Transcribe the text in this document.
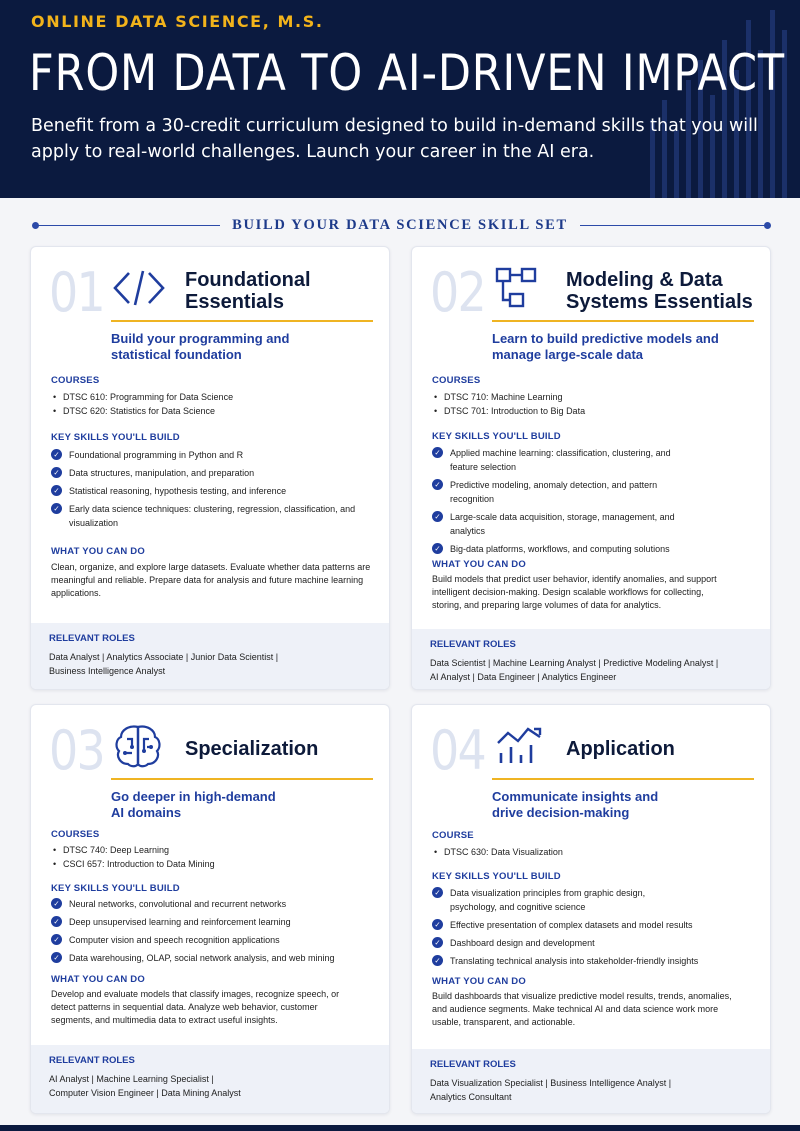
ONLINE DATA SCIENCE, M.S.
FROM DATA TO AI-DRIVEN IMPACT
Benefit from a 30-credit curriculum designed to build in-demand skills that you will apply to real-world challenges. Launch your career in the AI era.
BUILD YOUR DATA SCIENCE SKILL SET
01	Foundational
Essentials
Build your programming and
statistical foundation
COURSES
• DTSC 610: Programming for Data Science
• DTSC 620: Statistics for Data Science
KEY SKILLS YOU'LL BUILD
✓ Foundational programming in Python and R
✓ Data structures, manipulation, and preparation
✓ Statistical reasoning, hypothesis testing, and inference
✓ Early data science techniques: clustering, regression, classification, and visualization
WHAT YOU CAN DO
Clean, organize, and explore large datasets. Evaluate whether data patterns are meaningful and reliable. Prepare data for analysis and future machine learning applications.
RELEVANT ROLES
Data Analyst | Analytics Associate | Junior Data Scientist |
Business Intelligence Analyst
02	Modeling & Data
Systems Essentials
Learn to build predictive models and
manage large-scale data
COURSES
• DTSC 710: Machine Learning
• DTSC 701: Introduction to Big Data
KEY SKILLS YOU'LL BUILD
✓ Applied machine learning: classification, clustering, and feature selection
✓ Predictive modeling, anomaly detection, and pattern recognition
✓ Large-scale data acquisition, storage, management, and analytics
✓ Big-data platforms, workflows, and computing solutions
WHAT YOU CAN DO
Build models that predict user behavior, identify anomalies, and support intelligent decision-making. Design scalable workflows for collecting, storing, and preparing large volumes of data for analytics.
RELEVANT ROLES
Data Scientist | Machine Learning Analyst | Predictive Modeling Analyst |
AI Analyst | Data Engineer | Analytics Engineer
03	Specialization
Go deeper in high-demand
AI domains
COURSES
• DTSC 740: Deep Learning
• CSCI 657: Introduction to Data Mining
KEY SKILLS YOU'LL BUILD
✓ Neural networks, convolutional and recurrent networks
✓ Deep unsupervised learning and reinforcement learning
✓ Computer vision and speech recognition applications
✓ Data warehousing, OLAP, social network analysis, and web mining
WHAT YOU CAN DO
Develop and evaluate models that classify images, recognize speech, or detect patterns in sequential data. Analyze web behavior, customer segments, and multimedia data to extract useful insights.
RELEVANT ROLES
AI Analyst | Machine Learning Specialist |
Computer Vision Engineer | Data Mining Analyst
04	Application
Communicate insights and
drive decision-making
COURSE
• DTSC 630: Data Visualization
KEY SKILLS YOU'LL BUILD
✓ Data visualization principles from graphic design, psychology, and cognitive science
✓ Effective presentation of complex datasets and model results
✓ Dashboard design and development
✓ Translating technical analysis into stakeholder-friendly insights
WHAT YOU CAN DO
Build dashboards that visualize predictive model results, trends, anomalies, and audience segments. Make technical AI and data science work more usable, transparent, and actionable.
RELEVANT ROLES
Data Visualization Specialist | Business Intelligence Analyst |
Analytics Consultant
